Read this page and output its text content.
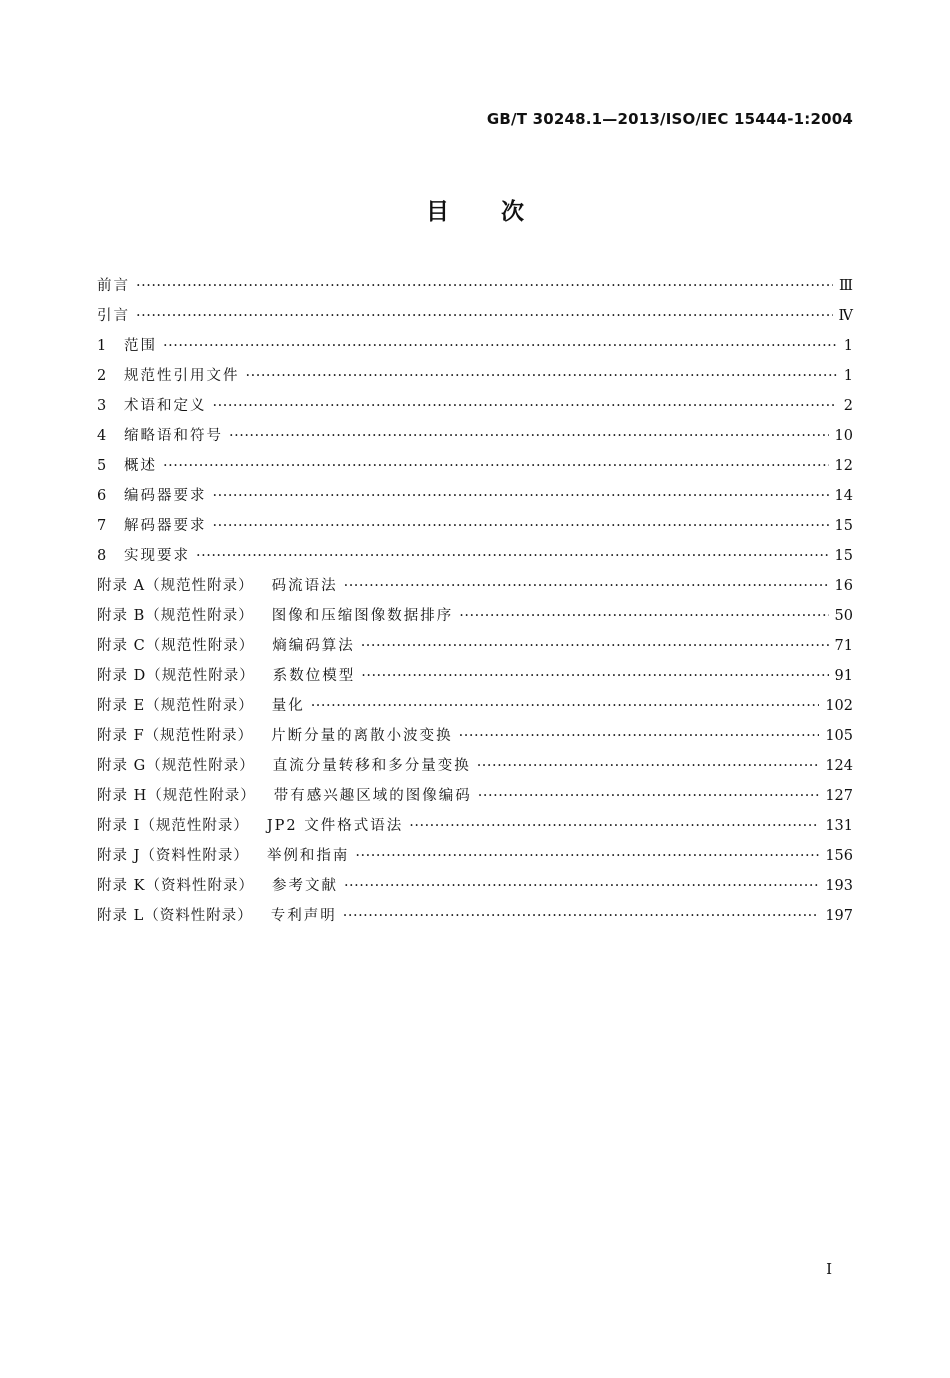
GB/T 30248.1—2013/ISO/IEC 15444-1:2004
目 次
前言 ·····	Ⅲ
引言 ·····	Ⅳ
1	范围 ·····	1
2	规范性引用文件 ·····	1
3	术语和定义 ·····	2
4	缩略语和符号 ·····	10
5	概述 ·····	12
6	编码器要求 ·····	14
7	解码器要求 ·····	15
8	实现要求 ·····	15
附录 A（规范性附录） 码流语法 ·····	16
附录 B（规范性附录） 图像和压缩图像数据排序 ·····	50
附录 C（规范性附录） 熵编码算法 ·····	71
附录 D（规范性附录） 系数位模型 ·····	91
附录 E（规范性附录） 量化 ·····	102
附录 F（规范性附录） 片断分量的离散小波变换 ·····	105
附录 G（规范性附录） 直流分量转移和多分量变换 ·····	124
附录 H（规范性附录） 带有感兴趣区域的图像编码 ·····	127
附录 I（规范性附录） JP2 文件格式语法 ·····	131
附录 J（资料性附录） 举例和指南 ·····	156
附录 K（资料性附录） 参考文献 ·····	193
附录 L（资料性附录） 专利声明 ·····	197
I
